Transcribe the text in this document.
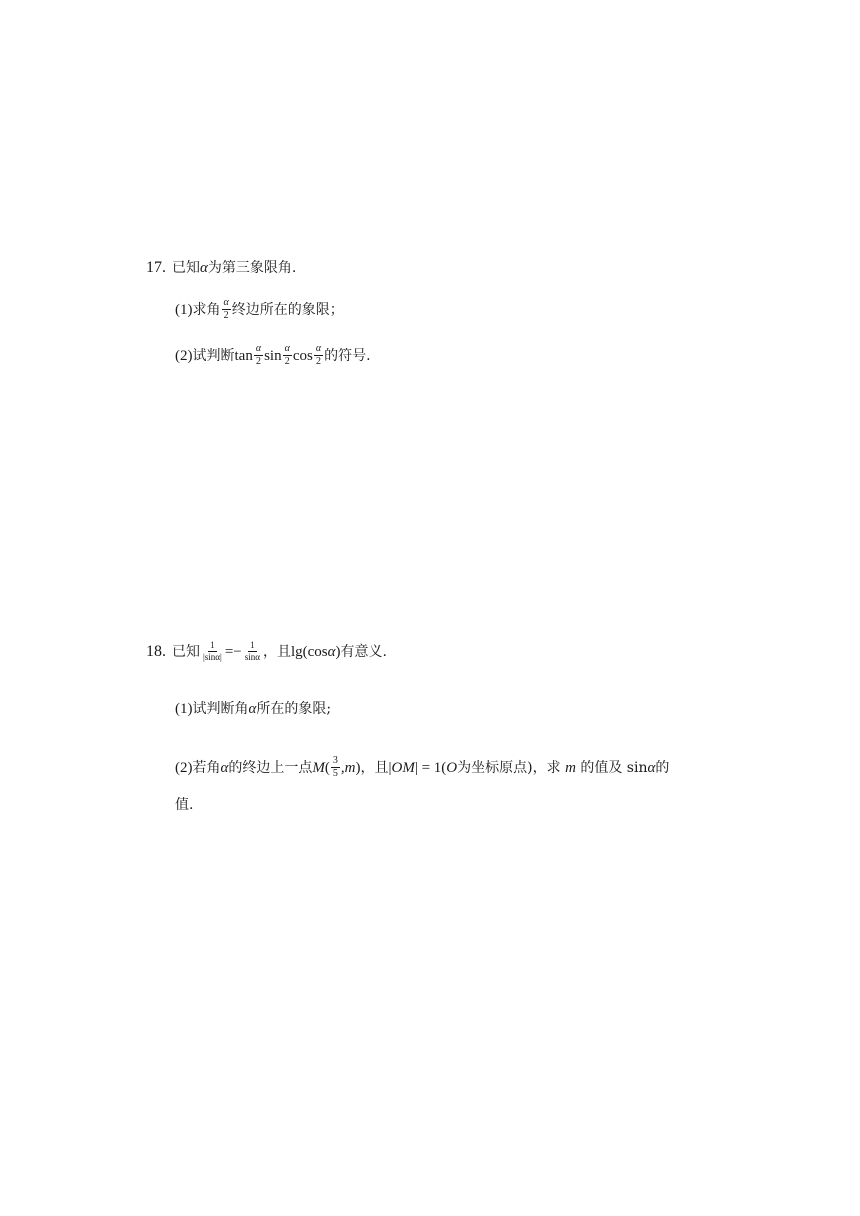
17. 已知 α 为第三象限角.
(1) 求角 $\frac{\alpha}{2}$ 终边所在的象限；
(2) 试判断 $\tan \frac{\alpha}{2}$ $\sin \frac{\alpha}{2}$ $\cos \frac{\alpha}{2}$ 的符号.
18. 已知 $\frac{1}{|\sin\alpha|} =- \frac{1}{\sin\alpha}$ ，且 lg(cos α ) 有意义.
(1) 试判断角 α 所在的象限;
(2) 若角 α 的终边上一点 M ( $\frac{3}{5}$ , m ) ，且 | OM | = 1( O 为坐标原点)，求 m 的值及 sin α 的
值.
